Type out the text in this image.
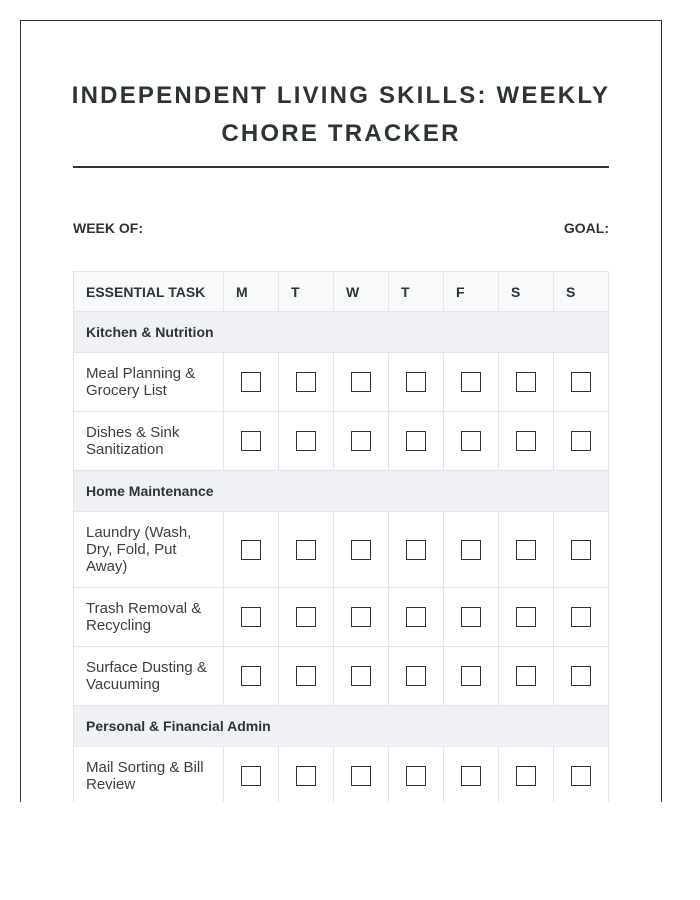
INDEPENDENT LIVING SKILLS: WEEKLY CHORE TRACKER
WEEK OF:	GOAL:
ESSENTIAL TASK	M	T	W	T	F	S	S
Kitchen & Nutrition							
Meal Planning & Grocery List							
Dishes & Sink Sanitization							
Home Maintenance							
Laundry (Wash, Dry, Fold, Put Away)							
Trash Removal & Recycling							
Surface Dusting & Vacuuming							
Personal & Financial Admin							
Mail Sorting & Bill Review							
